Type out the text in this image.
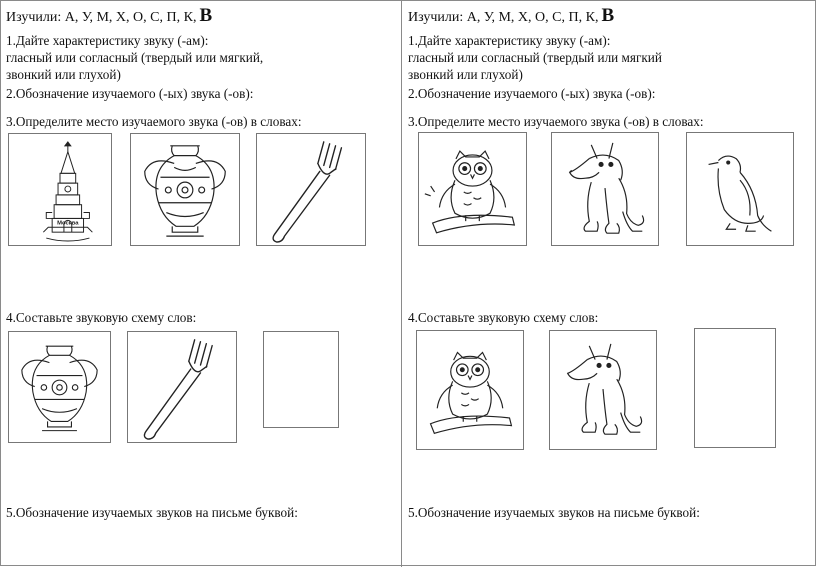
Изучили: А, У, М, Х, О, С, П, К, В
1.Дайте характеристику звуку (-ам):
гласный или согласный (твердый или мягкий,
звонкий или глухой)
2.Обозначение изучаемого (-ых) звука (-ов):
3.Определите место изучаемого звука (-ов) в словах:
Москва
4.Составьте звуковую схему слов:
5.Обозначение изучаемых звуков на письме буквой:
Изучили: А, У, М, Х, О, С, П, К, В
1.Дайте характеристику звуку (-ам):
гласный или согласный (твердый или мягкий
звонкий или глухой)
2.Обозначение изучаемого (-ых) звука (-ов):
3.Определите место изучаемого звука (-ов) в словах:
4.Составьте звуковую схему слов:
5.Обозначение изучаемых звуков на письме буквой:
